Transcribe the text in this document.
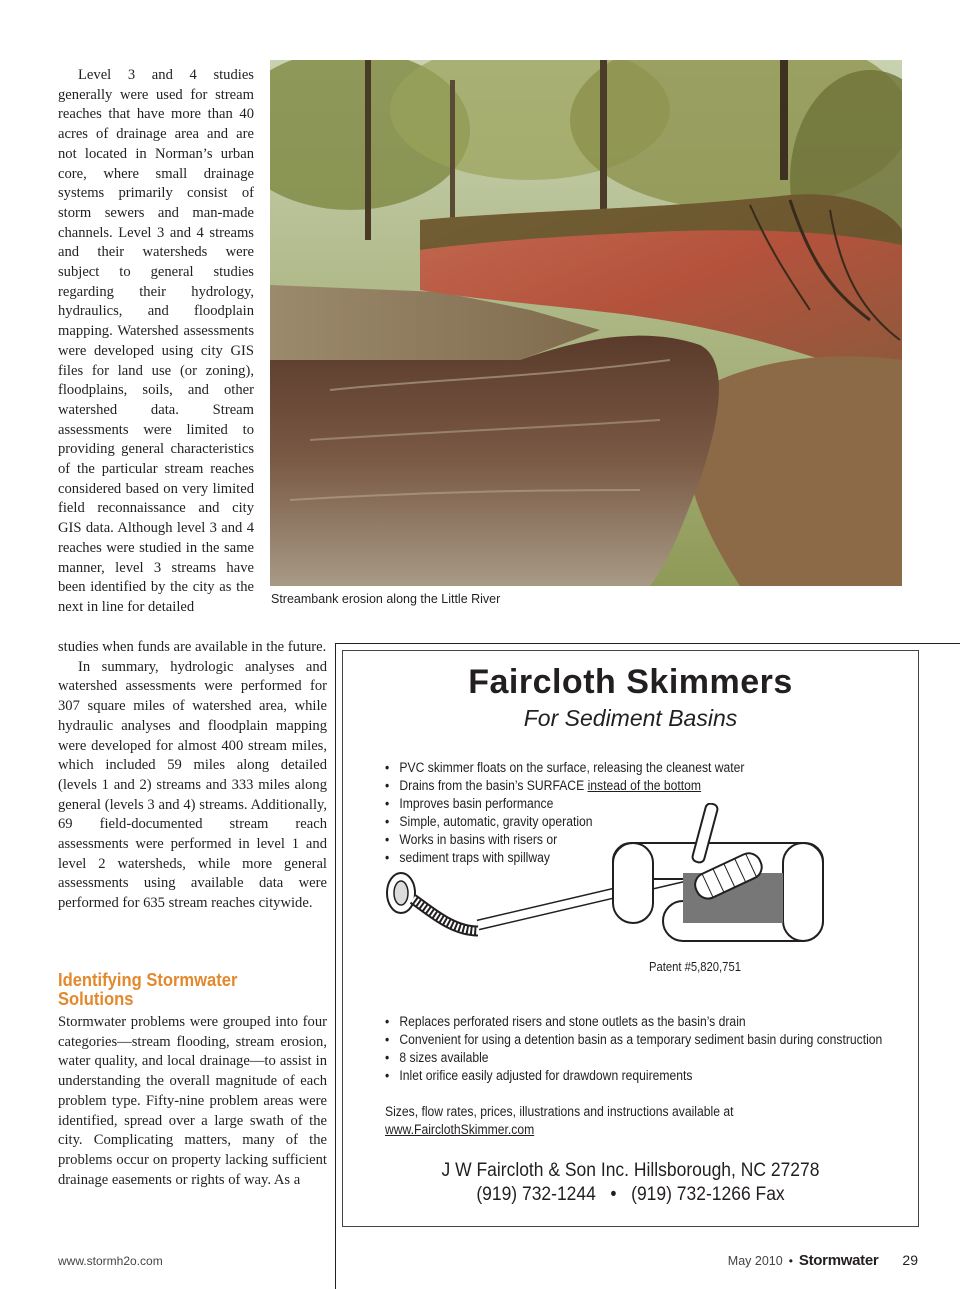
Level 3 and 4 studies generally were used for stream reaches that have more than 40 acres of drainage area and are not located in Norman’s urban core, where small drainage systems primarily consist of storm sewers and man-made channels. Level 3 and 4 streams and their watersheds were subject to general studies regarding their hydrology, hydraulics, and floodplain mapping. Watershed assessments were developed using city GIS files for land use (or zoning), floodplains, soils, and other watershed data. Stream assessments were limited to providing general characteristics of the particular stream reaches considered based on very limited field reconnaissance and city GIS data. Although level 3 and 4 reaches were studied in the same manner, level 3 streams have been identified by the city as the next in line for detailed

studies when funds are available in the future.

In summary, hydrologic analyses and watershed assessments were performed for 307 square miles of watershed area, while hydraulic analyses and floodplain mapping were developed for almost 400 stream miles, which included 59 miles along detailed (levels 1 and 2) streams and 333 miles along general (levels 3 and 4) streams. Additionally, 69 field-documented stream reach assessments were performed in level 1 and level 2 watersheds, while more general assessments using available data were performed for 635 stream reaches citywide.

Identifying Stormwater Solutions

Stormwater problems were grouped into four categories—stream flooding, stream erosion, water quality, and local drainage—to assist in understanding the overall magnitude of each problem type. Fifty-nine problem areas were identified, spread over a large swath of the city. Complicating matters, many of the problems occur on property lacking sufficient drainage easements or rights of way. As a

Streambank erosion along the Little River
Faircloth Skimmers
For Sediment Basins
• PVC skimmer floats on the surface, releasing the cleanest water
• Drains from the basin’s SURFACE instead of the bottom
• Improves basin performance
• Simple, automatic, gravity operation
• Works in basins with risers or
• sediment traps with spillway
Patent #5,820,751
• Replaces perforated risers and stone outlets as the basin’s drain
• Convenient for using a detention basin as a temporary sediment basin during construction
• 8 sizes available
• Inlet orifice easily adjusted for drawdown requirements
Sizes, flow rates, prices, illustrations and instructions available at
www.FairclothSkimmer.com
J W Faircloth & Son Inc. Hillsborough, NC 27278
(919) 732-1244 • (919) 732-1266 Fax
www.stormh2o.com	May 2010 • Stormwater 29
